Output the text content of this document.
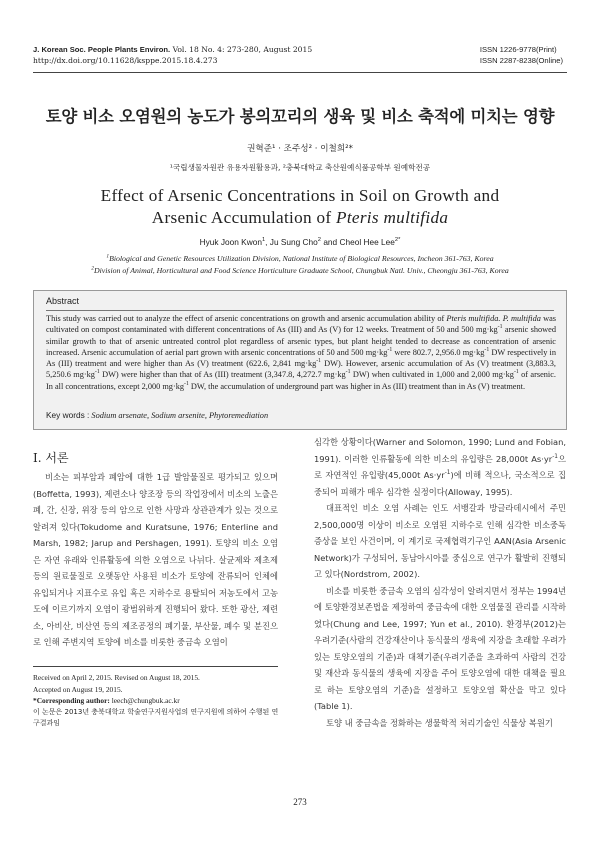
J. Korean Soc. People Plants Environ. Vol. 18 No. 4: 273-280, August 2015
http://dx.doi.org/10.11628/ksppe.2015.18.4.273
ISSN 1226-9778(Print)
ISSN 2287-8238(Online)
토양 비소 오염원의 농도가 봉의꼬리의 생육 및 비소 축적에 미치는 영향
권혁준¹ · 조주성² · 이철희²*
¹국립생물자원관 유용자원활용과, ²충북대학교 축산원예식품공학부 원예학전공
Effect of Arsenic Concentrations in Soil on Growth and
Arsenic Accumulation of Pteris multifida
Hyuk Joon Kwon$^1$, Ju Sung Cho$^2$ and Cheol Hee Lee$^{2*}$
$^1$Biological and Genetic Resources Utilization Division, National Institute of Biological Resources, Incheon 361-763, Korea
$^2$Division of Animal, Horticultural and Food Science Horticulture Graduate School, Chungbuk Natl. Univ., Cheongju 361-763, Korea
Abstract
This study was carried out to analyze the effect of arsenic concentrations on growth and arsenic accumulation ability of Pteris multifida. P. multifida was cultivated on compost contaminated with different concentrations of As (III) and As (V) for 12 weeks. Treatment of 50 and 500 $mg\cdot kg^{-1}$ arsenic showed similar growth to that of arsenic untreated control plot regardless of arsenic types, but plant height tended to decrease as concentration of arsenic increased. Arsenic accumulation of aerial part grown with arsenic concentrations of 50 and 500 $mg\cdot kg^{-1}$ were 802.7, 2,956.0 $mg\cdot kg^{-1}$ DW respectively in As (III) treatment and were higher than As (V) treatment (622.6, 2,841 $mg\cdot kg^{-1}$ DW). However, arsenic accumulation of As (V) treatment (3,883.3, 5,250.6 $mg\cdot kg^{-1}$ DW) were higher than that of As (III) treatment (3,347.8, 4,272.7 $mg\cdot kg^{-1}$ DW) when cultivated in 1,000 and 2,000 $mg\cdot kg^{-1}$ of arsenic. In all concentrations, except 2,000 $mg\cdot kg^{-1}$ DW, the accumulation of underground part was higher in As (III) treatment than in As (V) treatment.
Key words : Sodium arsenate, Sodium arsenite, Phytoremediation
I. 서론

비소는 피부암과 폐암에 대한 1급 발암물질로 평가되고 있으며 (Boffetta, 1993), 제련소나 양조장 등의 작업장에서 비소의 노출은 폐, 간, 신장, 위장 등의 암으로 인한 사망과 상관관계가 있는 것으로 알려져 있다(Tokudome and Kuratsune, 1976; Enterline and Marsh, 1982; Jarup and Pershagen, 1991). 토양의 비소 오염은 자연 유래와 인류활동에 의한 오염으로 나뉘다. 살균제와 제초제 등의 원료물질로 오랫동안 사용된 비소가 토양에 잔류되어 인체에 유입되거나 지표수로 유입 혹은 지하수로 용탈되어 저농도에서 고농도에 이르기까지 오염이 광범위하게 진행되어 왔다. 또한 광산, 제련소, 아비산, 비산연 등의 제조공정의 폐기물, 부산물, 폐수 및 분진으로 인해 주변지역 토양에 비소를 비롯한 중금속 오염이

심각한 상황이다(Warner and Solomon, 1990; Lund and Fobian, 1991). 이러한 인류활동에 의한 비소의 유입량은 28,000t $As\cdot yr^{-1}$으로 자연적인 유입량(45,000t $As\cdot yr^{-1}$)에 비해 적으나, 국소적으로 집중되어 피해가 매우 심각한 실정이다(Alloway, 1995).

대표적인 비소 오염 사례는 인도 서뱅갈과 방글라데시에서 주민 2,500,000명 이상이 비소로 오염된 지하수로 인해 심각한 비소중독 증상을 보인 사건이며, 이 계기로 국제협력기구인 AAN(Asia Arsenic Network)가 구성되어, 동남아시아를 중심으로 연구가 활발히 진행되고 있다(Nordstrom, 2002).

비소를 비롯한 중금속 오염의 심각성이 알려지면서 정부는 1994년에 토양환경보존법을 제정하여 중금속에 대한 오염물질 관리를 시작하였다(Chung and Lee, 1997; Yun et al., 2010). 환경부(2012)는 우려기준(사람의 건강재산이나 동식물의 생육에 지장을 초래할 우려가 있는 토양오염의 기준)과 대책기준(우려기준을 초과하여 사람의 건강 및 재산과 동식물의 생육에 지장을 주어 토양오염에 대한 대책을 필요로 하는 토양오염의 기준)을 설정하고 토양오염 확산을 막고 있다(Table 1).

토양 내 중금속을 정화하는 생물학적 처리기술인 식물상 복원기

Received on April 2, 2015. Revised on August 18, 2015.
Accepted on August 19, 2015.
*Corresponding author: leech@chungbuk.ac.kr
이 논문은 2013년 충북대학교 학술연구지원사업의 연구지원에 의하여 수행된 연구결과임
273
